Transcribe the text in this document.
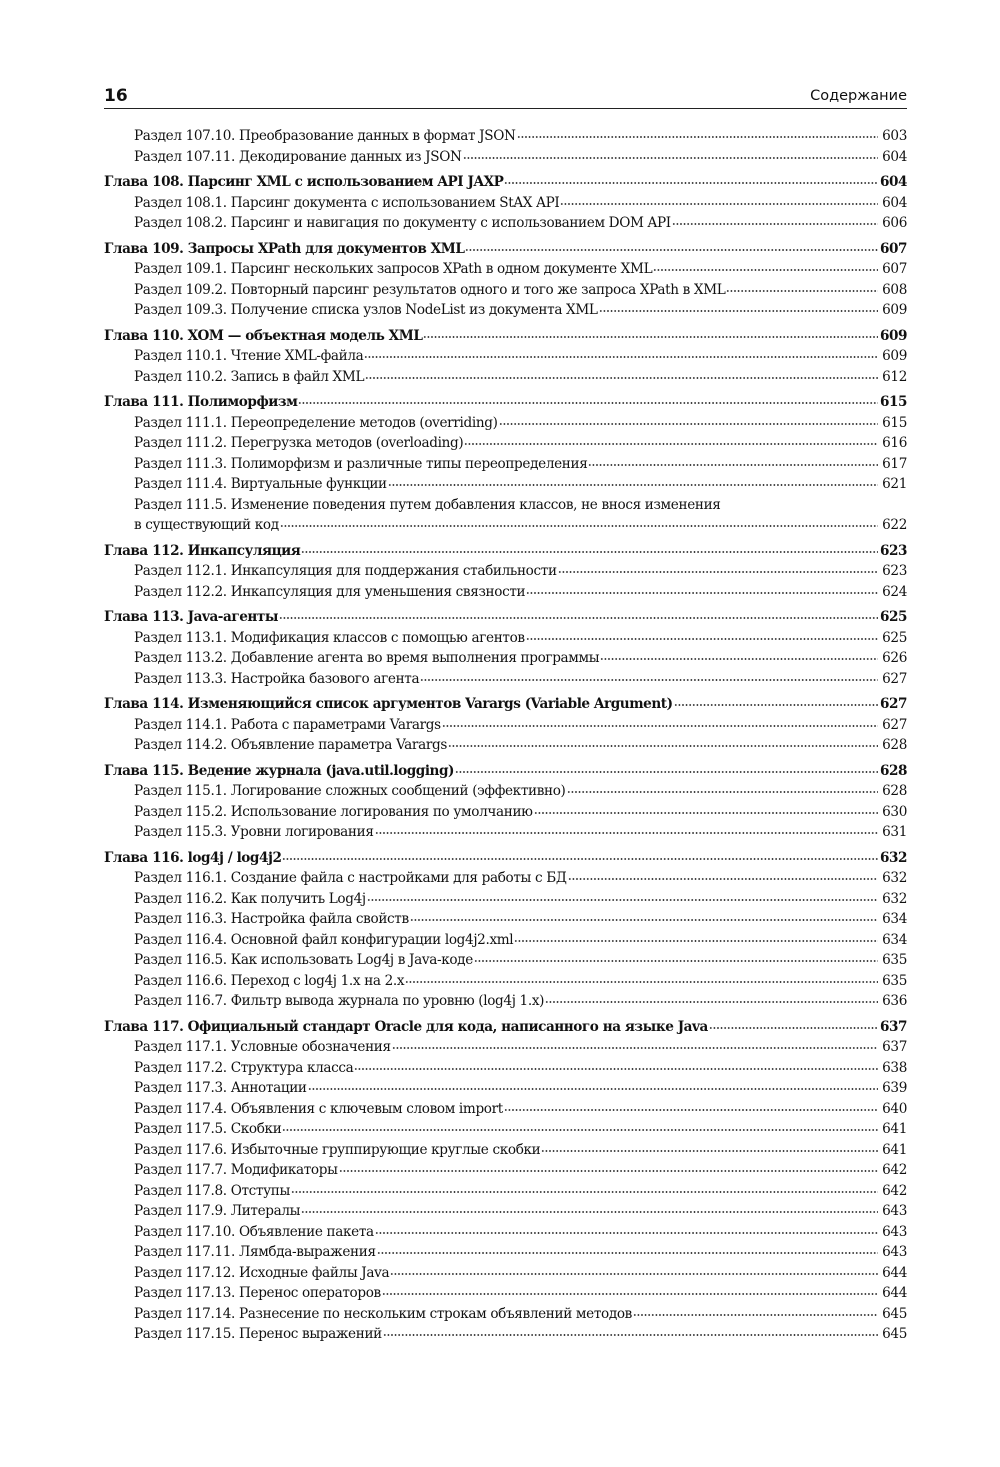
16	Содержание
Раздел 107.10. Преобразование данных в формат JSON	603
Раздел 107.11. Декодирование данных из JSON	604
Глава 108. Парсинг XML с использованием API JAXP	604
Раздел 108.1. Парсинг документа с использованием StAX API	604
Раздел 108.2. Парсинг и навигация по документу с использованием DOM API	606
Глава 109. Запросы XPath для документов XML	607
Раздел 109.1. Парсинг нескольких запросов XPath в одном документе XML	607
Раздел 109.2. Повторный парсинг результатов одного и того же запроса XPath в XML	608
Раздел 109.3. Получение списка узлов NodeList из документа XML	609
Глава 110. XOM — объектная модель XML	609
Раздел 110.1. Чтение XML-файла	609
Раздел 110.2. Запись в файл XML	612
Глава 111. Полиморфизм	615
Раздел 111.1. Переопределение методов (overriding)	615
Раздел 111.2. Перегрузка методов (overloading)	616
Раздел 111.3. Полиморфизм и различные типы переопределения	617
Раздел 111.4. Виртуальные функции	621
Раздел 111.5. Изменение поведения путем добавления классов, не внося изменения
в существующий код	622
Глава 112. Инкапсуляция	623
Раздел 112.1. Инкапсуляция для поддержания стабильности	623
Раздел 112.2. Инкапсуляция для уменьшения связности	624
Глава 113. Java-агенты	625
Раздел 113.1. Модификация классов с помощью агентов	625
Раздел 113.2. Добавление агента во время выполнения программы	626
Раздел 113.3. Настройка базового агента	627
Глава 114. Изменяющийся список аргументов Varargs (Variable Argument)	627
Раздел 114.1. Работа с параметрами Varargs	627
Раздел 114.2. Объявление параметра Varargs	628
Глава 115. Ведение журнала (java.util.logging)	628
Раздел 115.1. Логирование сложных сообщений (эффективно)	628
Раздел 115.2. Использование логирования по умолчанию	630
Раздел 115.3. Уровни логирования	631
Глава 116. log4j / log4j2	632
Раздел 116.1. Создание файла с настройками для работы с БД	632
Раздел 116.2. Как получить Log4j	632
Раздел 116.3. Настройка файла свойств	634
Раздел 116.4. Основной файл конфигурации log4j2.xml	634
Раздел 116.5. Как использовать Log4j в Java-коде	635
Раздел 116.6. Переход с log4j 1.x на 2.x	635
Раздел 116.7. Фильтр вывода журнала по уровню (log4j 1.x)	636
Глава 117. Официальный стандарт Oracle для кода, написанного на языке Java	637
Раздел 117.1. Условные обозначения	637
Раздел 117.2. Структура класса	638
Раздел 117.3. Аннотации	639
Раздел 117.4. Объявления с ключевым словом import	640
Раздел 117.5. Скобки	641
Раздел 117.6. Избыточные группирующие круглые скобки	641
Раздел 117.7. Модификаторы	642
Раздел 117.8. Отступы	642
Раздел 117.9. Литералы	643
Раздел 117.10. Объявление пакета	643
Раздел 117.11. Лямбда-выражения	643
Раздел 117.12. Исходные файлы Java	644
Раздел 117.13. Перенос операторов	644
Раздел 117.14. Разнесение по нескольким строкам объявлений методов	645
Раздел 117.15. Перенос выражений	645
